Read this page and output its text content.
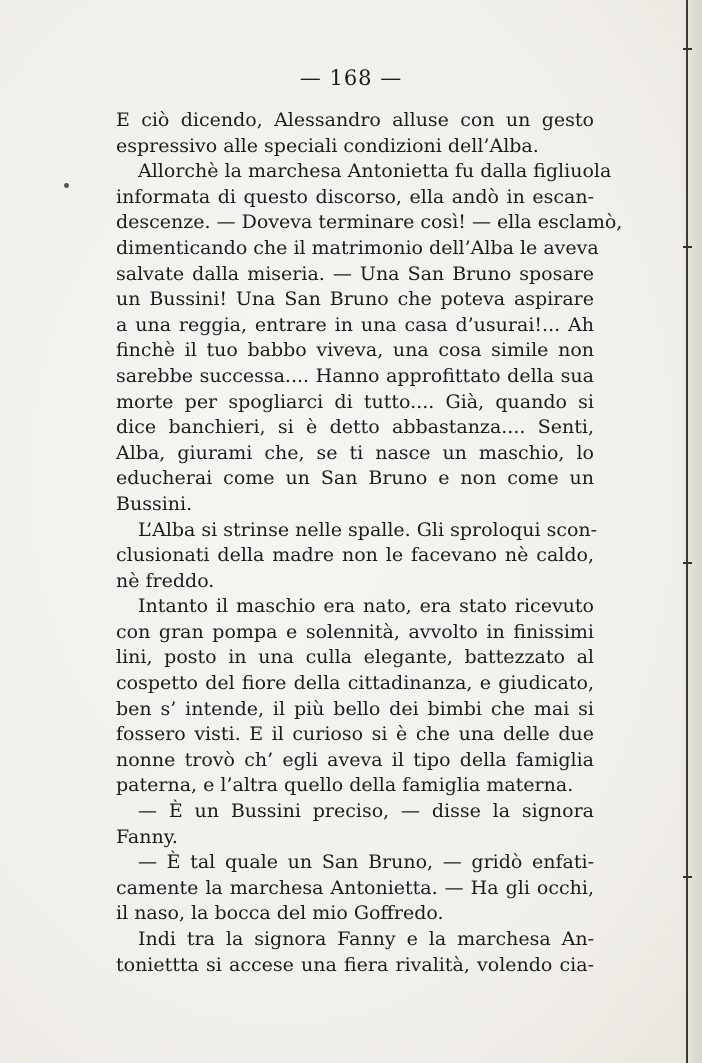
— 168 —
E ciò dicendo, Alessandro alluse con un gesto
espressivo alle speciali condizioni dell’Alba.
Allorchè la marchesa Antonietta fu dalla figliuola
informata di questo discorso, ella andò in escan-
descenze. — Doveva terminare così! — ella esclamò,
dimenticando che il matrimonio dell’Alba le aveva
salvate dalla miseria. — Una San Bruno sposare
un Bussini! Una San Bruno che poteva aspirare
a una reggia, entrare in una casa d’usurai!... Ah
finchè il tuo babbo viveva, una cosa simile non
sarebbe successa.... Hanno approfittato della sua
morte per spogliarci di tutto.... Già, quando si
dice banchieri, si è detto abbastanza.... Senti,
Alba, giurami che, se ti nasce un maschio, lo
educherai come un San Bruno e non come un
Bussini.
L’Alba si strinse nelle spalle. Gli sproloqui scon-
clusionati della madre non le facevano nè caldo,
nè freddo.
Intanto il maschio era nato, era stato ricevuto
con gran pompa e solennità, avvolto in finissimi
lini, posto in una culla elegante, battezzato al
cospetto del fiore della cittadinanza, e giudicato,
ben s’ intende, il più bello dei bimbi che mai si
fossero visti. E il curioso si è che una delle due
nonne trovò ch’ egli aveva il tipo della famiglia
paterna, e l’altra quello della famiglia materna.
— È un Bussini preciso, — disse la signora
Fanny.
— È tal quale un San Bruno, — gridò enfati-
camente la marchesa Antonietta. — Ha gli occhi,
il naso, la bocca del mio Goffredo.
Indi tra la signora Fanny e la marchesa An-
toniettta si accese una fiera rivalità, volendo cia-
